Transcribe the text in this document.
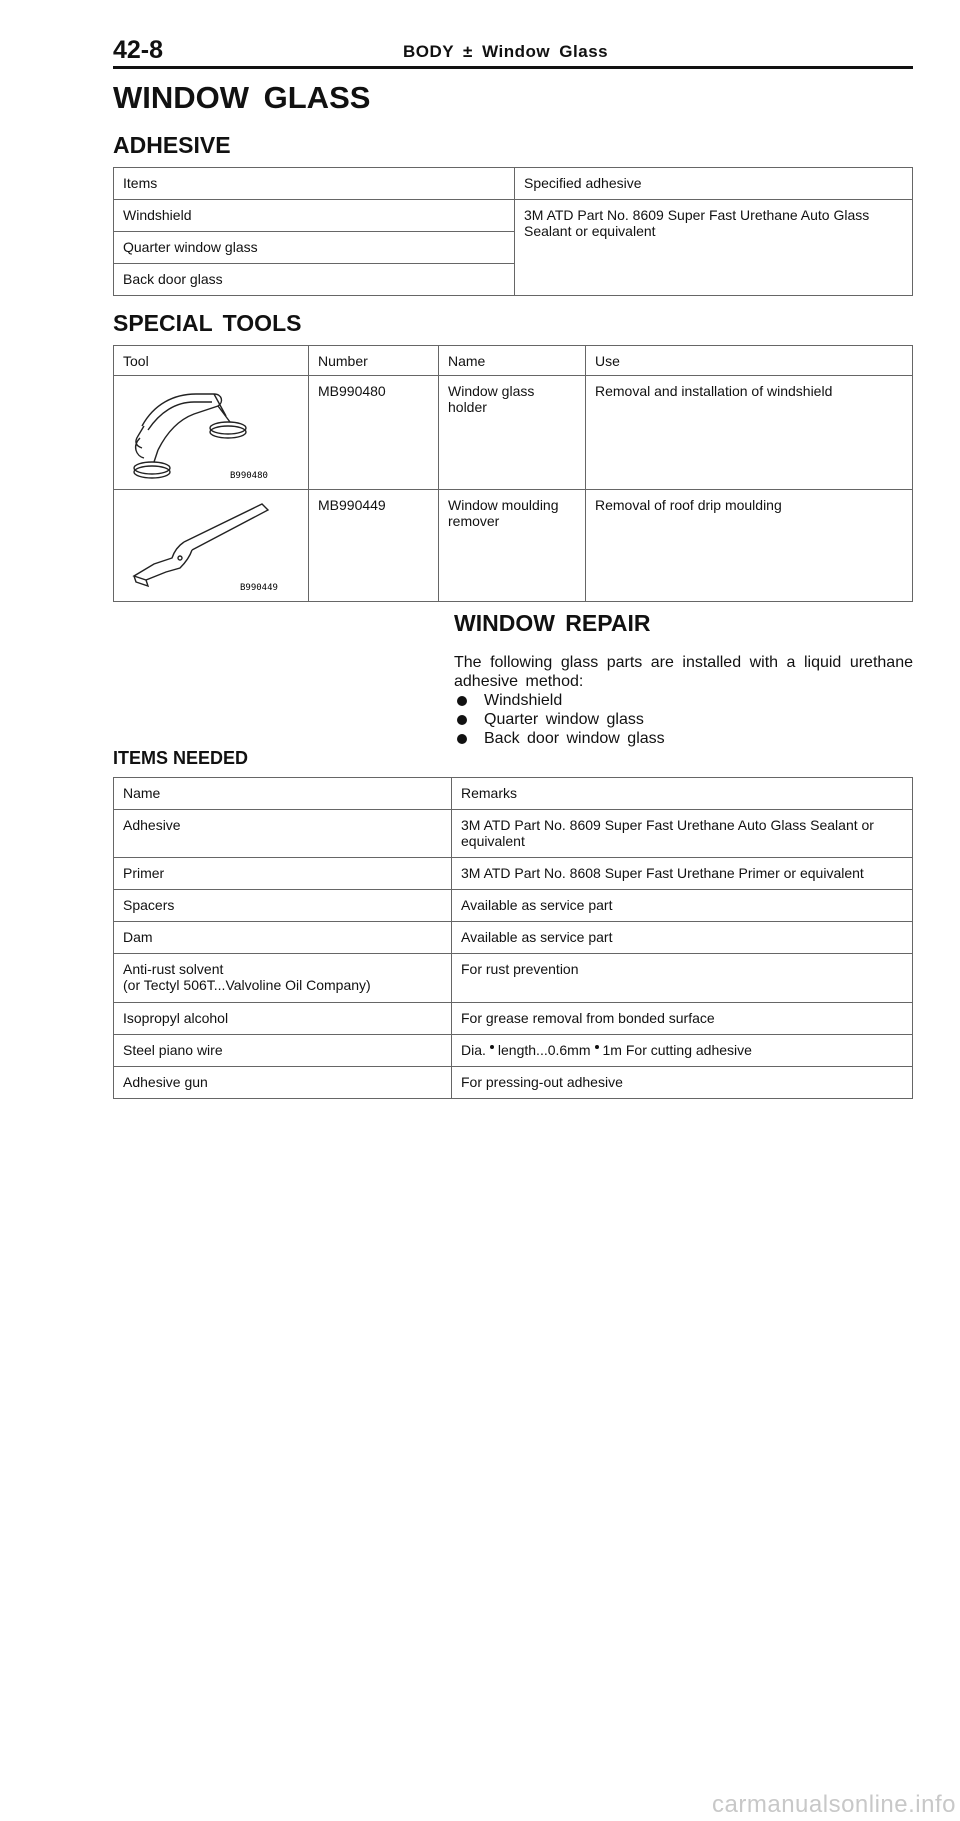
42-8	BODY ± Window Glass
WINDOW GLASS
ADHESIVE
Items	Specified adhesive
Windshield	3M ATD Part No. 8609 Super Fast Urethane Auto Glass Sealant or equivalent
Quarter window glass	
Back door glass	
SPECIAL TOOLS
Tool	Number	Name	Use

B990480	MB990480	Window glass holder	Removal and installation of windshield

B990449	MB990449	Window moulding remover	Removal of roof drip moulding
WINDOW REPAIR

The following glass parts are installed with a liquid urethane adhesive method:

Windshield
Quarter window glass
Back door window glass
ITEMS NEEDED
Name	Remarks
Adhesive	3M ATD Part No. 8609 Super Fast Urethane Auto Glass Sealant or equivalent
Primer	3M ATD Part No. 8608 Super Fast Urethane Primer or equivalent
Spacers	Available as service part
Dam	Available as service part

Anti-rust solvent
(or Tectyl 506T...Valvoline Oil Company)	For rust prevention
Isopropyl alcohol	For grease removal from bonded surface
Steel piano wire	Dia. length...0.6mm 1m For cutting adhesive
Adhesive gun	For pressing-out adhesive
carmanualsonline.info
